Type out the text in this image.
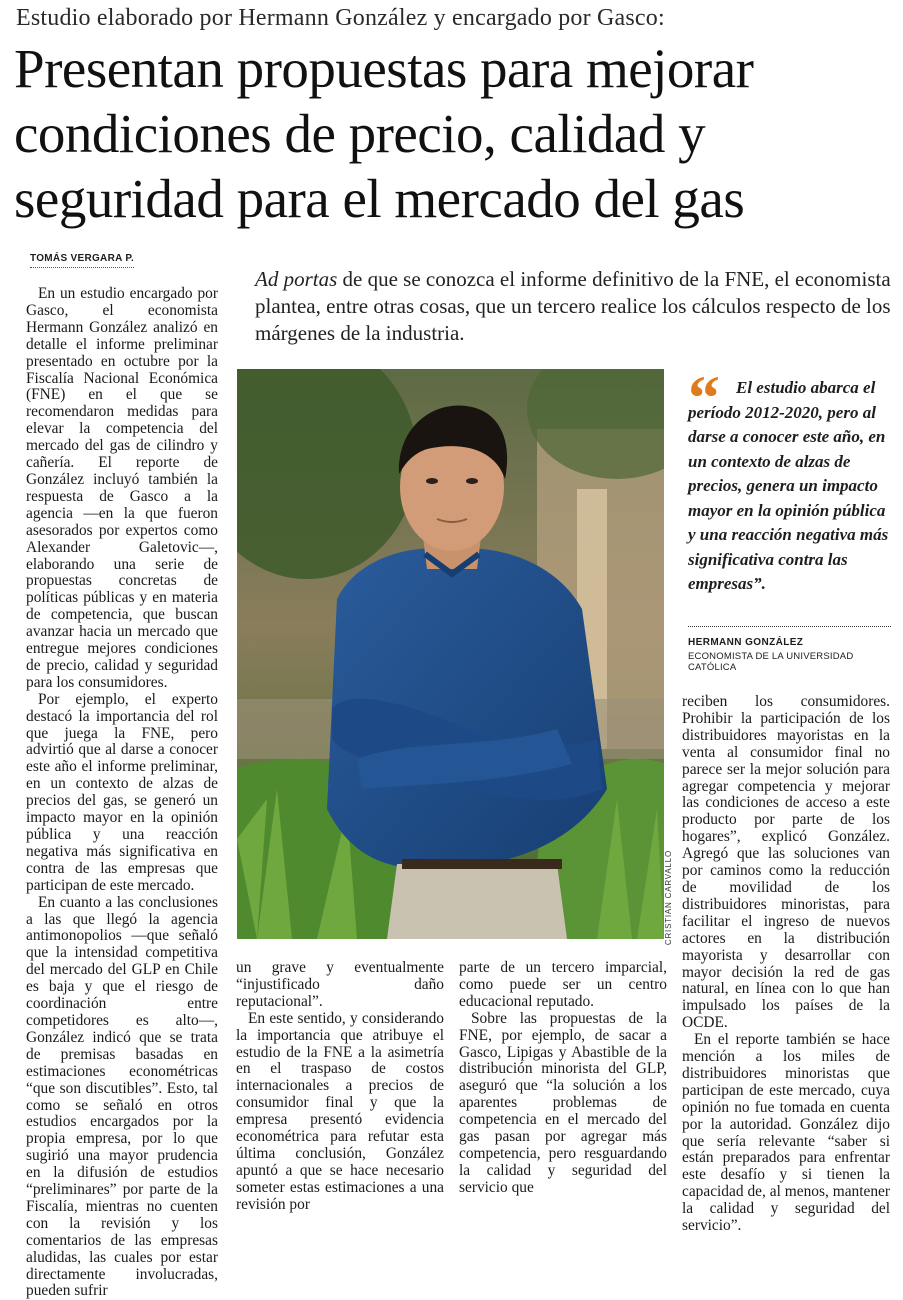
Estudio elaborado por Hermann González y encargado por Gasco:
Presentan propuestas para mejorar condiciones de precio, calidad y seguridad para el mercado del gas
TOMÁS VERGARA P.
Ad portas de que se conozca el informe definitivo de la FNE, el economista plantea, entre otras cosas, que un tercero realice los cálculos respecto de los márgenes de la industria.

En un estudio encargado por Gasco, el economista Hermann González analizó en detalle el informe preliminar presentado en octubre por la Fiscalía Nacional Económica (FNE) en el que se recomendaron medidas para elevar la competencia del mercado del gas de cilindro y cañería. El reporte de González incluyó también la respuesta de Gasco a la agencia —en la que fueron asesorados por expertos como Alexander Galetovic—, elaborando una serie de propuestas concretas de políticas públicas y en materia de competencia, que buscan avanzar hacia un mercado que entregue mejores condiciones de precio, calidad y seguridad para los consumidores.

Por ejemplo, el experto destacó la importancia del rol que juega la FNE, pero advirtió que al darse a conocer este año el informe preliminar, en un contexto de alzas de precios del gas, se generó un impacto mayor en la opinión pública y una reacción negativa más significativa en contra de las empresas que participan de este mercado.

En cuanto a las conclusiones a las que llegó la agencia antimonopolios —que señaló que la intensidad competitiva del mercado del GLP en Chile es baja y que el riesgo de coordinación entre competidores es alto—, González indicó que se trata de premisas basadas en estimaciones econométricas “que son discutibles”. Esto, tal como se señaló en otros estudios encargados por la propia empresa, por lo que sugirió una mayor prudencia en la difusión de estudios “preliminares” por parte de la Fiscalía, mientras no cuenten con la revisión y los comentarios de las empresas aludidas, las cuales por estar directamente involucradas, pueden sufrir

CRISTIAN CARVALLO
“ El estudio abarca el período 2012-2020, pero al darse a conocer este año, en un contexto de alzas de precios, genera un impacto mayor en la opinión pública y una reacción negativa más significativa contra las empresas”.
HERMANN GONZÁLEZ
ECONOMISTA DE LA UNIVERSIDAD CATÓLICA

un grave y eventualmente “injustificado daño reputacional”.

En este sentido, y considerando la importancia que atribuye el estudio de la FNE a la asimetría en el traspaso de costos internacionales a precios de consumidor final y que la empresa presentó evidencia econométrica para refutar esta última conclusión, González apuntó a que se hace necesario someter estas estimaciones a una revisión por

parte de un tercero imparcial, como puede ser un centro educacional reputado.

Sobre las propuestas de la FNE, por ejemplo, de sacar a Gasco, Lipigas y Abastible de la distribución minorista del GLP, aseguró que “la solución a los aparentes problemas de competencia en el mercado del gas pasan por agregar más competencia, pero resguardando la calidad y seguridad del servicio que

reciben los consumidores. Prohibir la participación de los distribuidores mayoristas en la venta al consumidor final no parece ser la mejor solución para agregar competencia y mejorar las condiciones de acceso a este producto por parte de los hogares”, explicó González. Agregó que las soluciones van por caminos como la reducción de movilidad de los distribuidores minoristas, para facilitar el ingreso de nuevos actores en la distribución mayorista y desarrollar con mayor decisión la red de gas natural, en línea con lo que han impulsado los países de la OCDE.

En el reporte también se hace mención a los miles de distribuidores minoristas que participan de este mercado, cuya opinión no fue tomada en cuenta por la autoridad. González dijo que sería relevante “saber si están preparados para enfrentar este desafío y si tienen la capacidad de, al menos, mantener la calidad y seguridad del servicio”.
